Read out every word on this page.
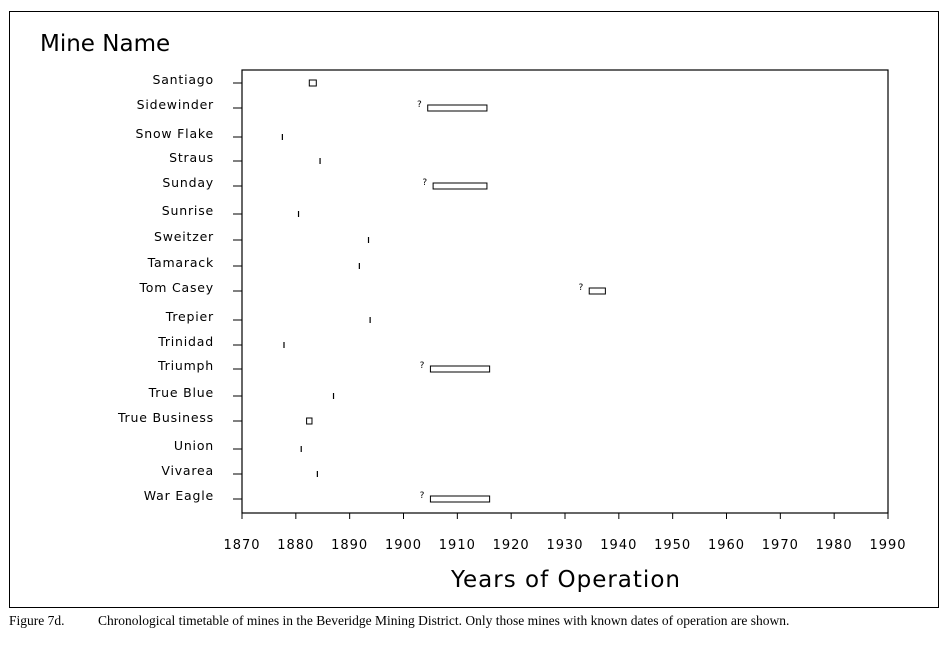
Mine Name
Years of Operation
Santiago
Sidewinder
Snow Flake
Straus
Sunday
Sunrise
Sweitzer
Tamarack
Tom Casey
Trepier
Trinidad
Triumph
True Blue
True Business
Union
Vivarea
War Eagle
1870 1880 1890 1900 1910 1920 1930 1940 1950 1960 1970 1980 1990
?
?
?
?
?
Figure 7d. Chronological timetable of mines in the Beveridge Mining District. Only those mines with known dates of operation are shown.
